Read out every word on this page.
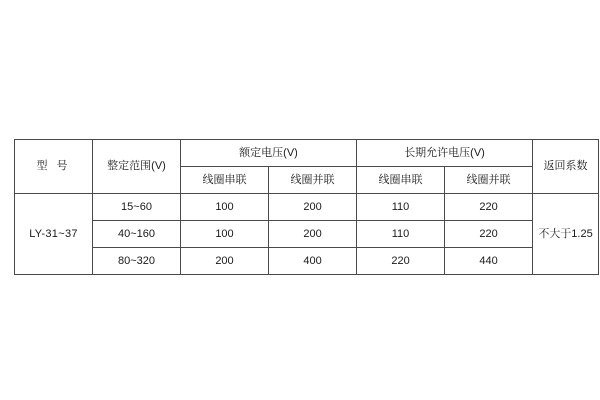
型 号	整定范围(V)	额定电压(V)		长期允许电压(V)		返回系数
		线圈串联	线圈并联	线圈串联	线圈并联	
LY-31~37	15~60	100	200	110	220	不大于1.25
	40~160	100	200	110	220	
	80~320	200	400	220	440	
